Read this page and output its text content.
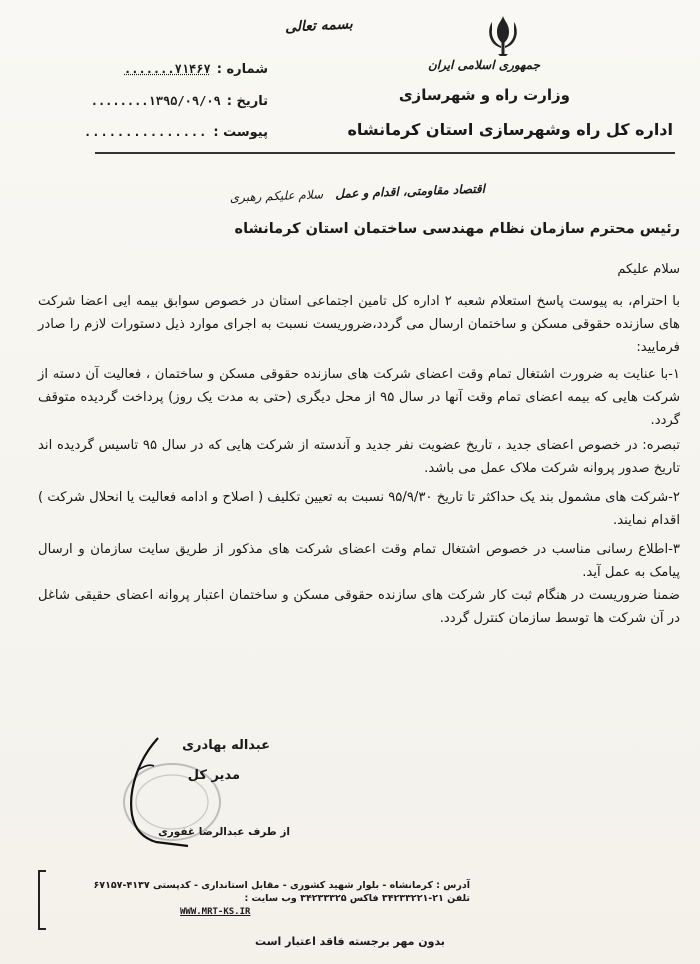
بسمه تعالی
جمهوری اسلامی ایران
وزارت راه و شهرسازی
اداره کل راه وشهرسازی استان کرمانشاه
شماره :
۷۱۴۶۷.......
تاریخ :
۱۳۹۵/۰۹/۰۹........
پیوست :
...............
اقتصاد مقاومتی، اقدام و عمل سلام علیکم رهبری
رئیس محترم سازمان نظام مهندسی ساختمان استان کرمانشاه
سلام علیکم

با احترام، به پیوست پاسخ استعلام شعبه ۲ اداره کل تامین اجتماعی استان در خصوص سوابق بیمه ایی اعضا شرکت های سازنده حقوقی مسکن و ساختمان ارسال می گردد،ضروریست نسبت به اجرای موارد ذیل دستورات لازم را صادر فرمایید:

۱-با عنایت به ضرورت اشتغال تمام وقت اعضای شرکت های سازنده حقوقی مسکن و ساختمان ، فعالیت آن دسته از شرکت هایی که بیمه اعضای تمام وقت آنها در سال ۹۵ از محل دیگری (حتی به مدت یک روز) پرداخت گردیده متوقف گردد.

تبصره: در خصوص اعضای جدید ، تاریخ عضویت نفر جدید و آندسته از شرکت هایی که در سال ۹۵ تاسیس گردیده اند تاریخ صدور پروانه شرکت ملاک عمل می باشد.

۲-شرکت های مشمول بند یک حداکثر تا تاریخ ۹۵/۹/۳۰ نسبت به تعیین تکلیف ( اصلاح و ادامه فعالیت یا انحلال شرکت ) اقدام نمایند.

۳-اطلاع رسانی مناسب در خصوص اشتغال تمام وقت اعضای شرکت های مذکور از طریق سایت سازمان و ارسال پیامک به عمل آید.

ضمنا ضروریست در هنگام ثبت کار شرکت های سازنده حقوقی مسکن و ساختمان اعتبار پروانه اعضای حقیقی شاغل در آن شرکت ها توسط سازمان کنترل گردد.

عبداله بهادری
مدیر کل
از طرف عبدالرضا غفوری
آدرس : کرمانشاه - بلوار شهید کشوری - مقابل استانداری - کدپستی ۴۱۳۷-۶۷۱۵۷
تلفن ۲۱-۳۴۲۳۳۲۲۱ فاکس ۳۴۲۳۳۳۲۵ وب سایت :
WWW.MRT-KS.IR
بدون مهر برجسته فاقد اعتبار است
